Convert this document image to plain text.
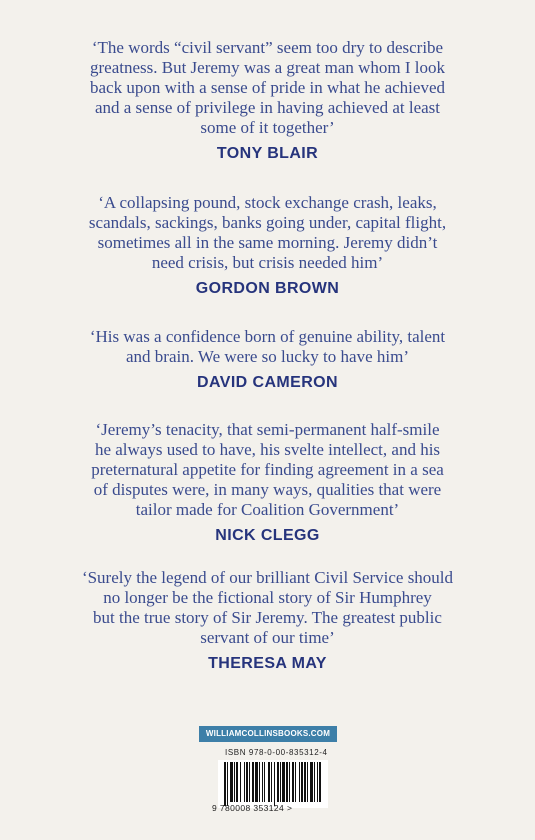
‘The words “civil servant” seem too dry to describe
greatness. But Jeremy was a great man whom I look
back upon with a sense of pride in what he achieved
and a sense of privilege in having achieved at least
some of it together’

TONY BLAIR

‘A collapsing pound, stock exchange crash, leaks,
scandals, sackings, banks going under, capital flight,
sometimes all in the same morning. Jeremy didn’t
need crisis, but crisis needed him’

GORDON BROWN

‘His was a confidence born of genuine ability, talent
and brain. We were so lucky to have him’

DAVID CAMERON

‘Jeremy’s tenacity, that semi-permanent half-smile
he always used to have, his svelte intellect, and his
preternatural appetite for finding agreement in a sea
of disputes were, in many ways, qualities that were
tailor made for Coalition Government’

NICK CLEGG

‘Surely the legend of our brilliant Civil Service should
no longer be the fictional story of Sir Humphrey
but the true story of Sir Jeremy. The greatest public
servant of our time’

THERESA MAY
WILLIAMCOLLINSBOOKS.COM
ISBN 978-0-00-835312-4
9 780008 353124 >
